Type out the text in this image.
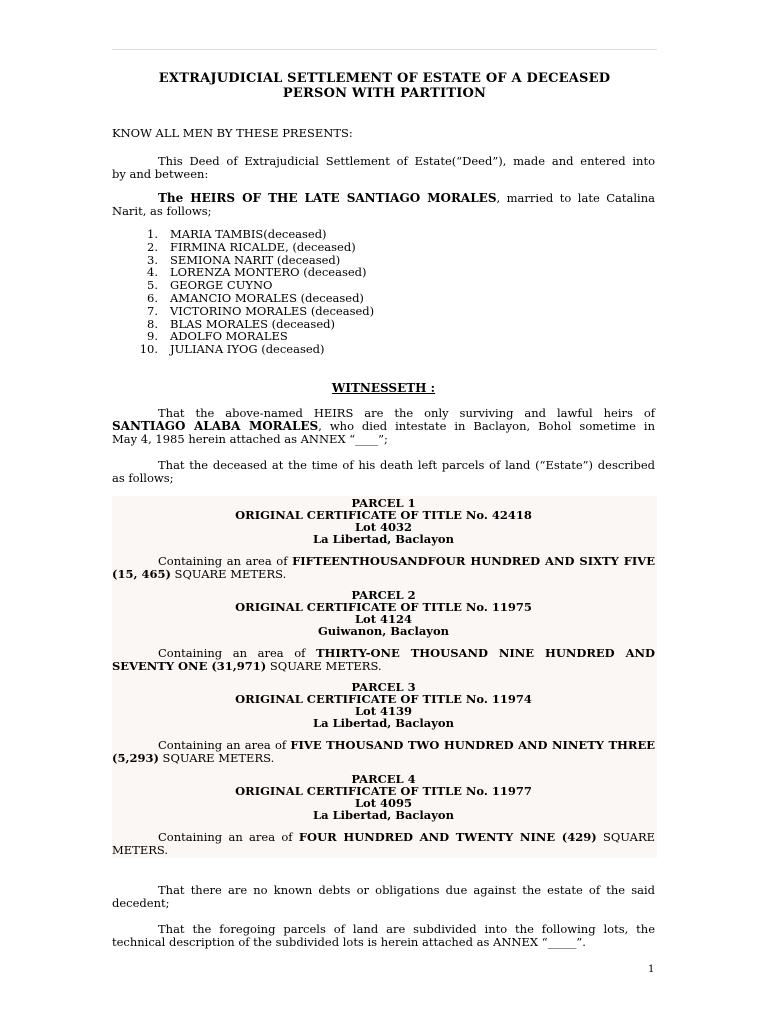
EXTRAJUDICIAL SETTLEMENT OF ESTATE OF A DECEASED
PERSON WITH PARTITION
KNOW ALL MEN BY THESE PRESENTS:
This Deed of Extrajudicial Settlement of Estate(“Deed”), made and entered into
by and between:
The HEIRS OF THE LATE SANTIAGO MORALES, married to late Catalina
Narit, as follows;
1. MARIA TAMBIS(deceased)
2. FIRMINA RICALDE, (deceased)
3. SEMIONA NARIT (deceased)
4. LORENZA MONTERO (deceased)
5. GEORGE CUYNO
6. AMANCIO MORALES (deceased)
7. VICTORINO MORALES (deceased)
8. BLAS MORALES (deceased)
9. ADOLFO MORALES
10. JULIANA IYOG (deceased)
WITNESSETH :
That the above-named HEIRS are the only surviving and lawful heirs of
SANTIAGO ALABA MORALES, who died intestate in Baclayon, Bohol sometime in
May 4, 1985 herein attached as ANNEX “____”;
That the deceased at the time of his death left parcels of land (“Estate”) described
as follows;
PARCEL 1
ORIGINAL CERTIFICATE OF TITLE No. 42418
Lot 4032
La Libertad, Baclayon
Containing an area of FIFTEENTHOUSANDFOUR HUNDRED AND SIXTY FIVE
(15, 465) SQUARE METERS.
PARCEL 2
ORIGINAL CERTIFICATE OF TITLE No. 11975
Lot 4124
Guiwanon, Baclayon
Containing an area of THIRTY-ONE THOUSAND NINE HUNDRED AND
SEVENTY ONE (31,971) SQUARE METERS.
PARCEL 3
ORIGINAL CERTIFICATE OF TITLE No. 11974
Lot 4139
La Libertad, Baclayon
Containing an area of FIVE THOUSAND TWO HUNDRED AND NINETY THREE
(5,293) SQUARE METERS.
PARCEL 4
ORIGINAL CERTIFICATE OF TITLE No. 11977
Lot 4095
La Libertad, Baclayon
Containing an area of FOUR HUNDRED AND TWENTY NINE (429) SQUARE
METERS.
That there are no known debts or obligations due against the estate of the said
decedent;
That the foregoing parcels of land are subdivided into the following lots, the
technical description of the subdivided lots is herein attached as ANNEX “_____”.
1
